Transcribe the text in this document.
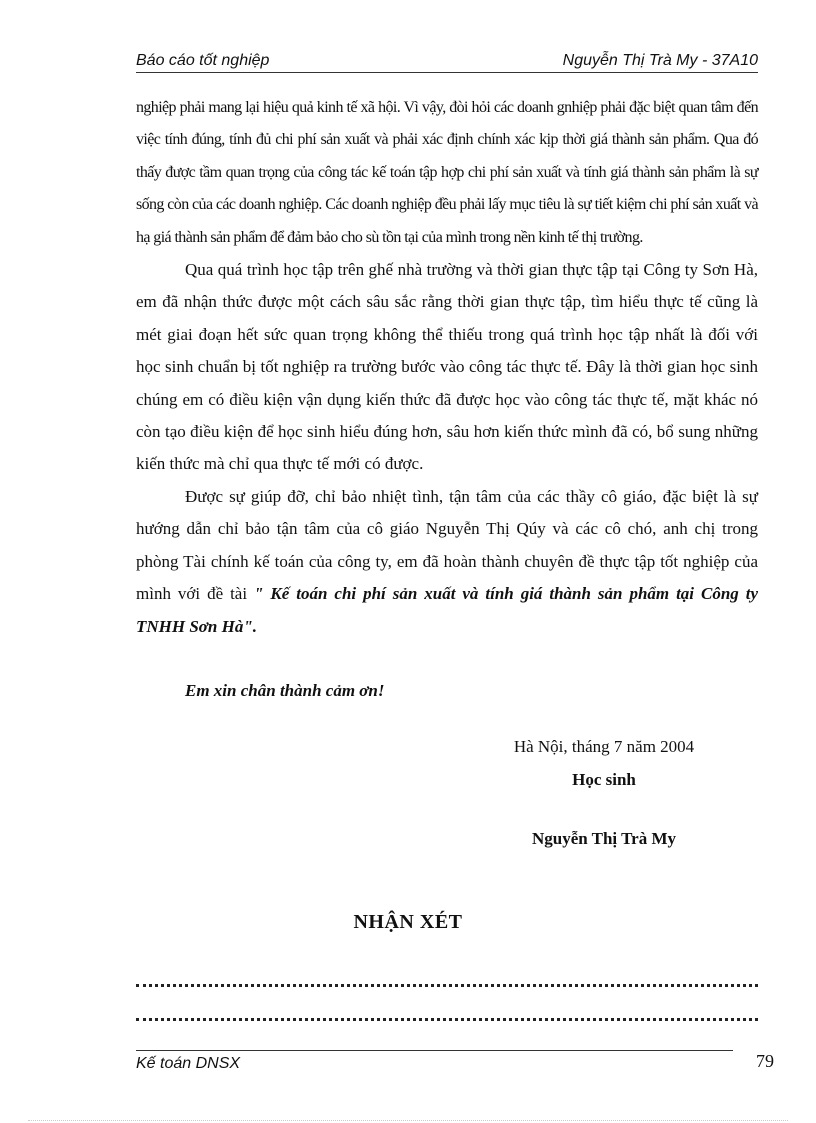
Báo cáo tốt nghiệp	Nguyễn Thị Trà My - 37A10

nghiệp phải mang lại hiệu quả kinh tế xã hội. Vì vậy, đòi hỏi các doanh gnhiệp phải đặc biệt quan tâm đến việc tính đúng, tính đủ chi phí sản xuất và phải xác định chính xác kịp thời giá thành sản phẩm. Qua đó thấy được tầm quan trọng của công tác kế toán tập hợp chi phí sản xuất và tính giá thành sản phẩm là sự sống còn của các doanh nghiệp. Các doanh nghiệp đều phải lấy mục tiêu là sự tiết kiệm chi phí sản xuất và hạ giá thành sản phẩm để đảm bảo cho sù tồn tại của mình trong nền kinh tế thị trường.

Qua quá trình học tập trên ghế nhà trường và thời gian thực tập tại Công ty Sơn Hà, em đã nhận thức được một cách sâu sắc rằng thời gian thực tập, tìm hiểu thực tế cũng là mét giai đoạn hết sức quan trọng không thể thiếu trong quá trình học tập nhất là đối với học sinh chuẩn bị tốt nghiệp ra trường bước vào công tác thực tế. Đây là thời gian học sinh chúng em có điều kiện vận dụng kiến thức đã được học vào công tác thực tế, mặt khác nó còn tạo điều kiện để học sinh hiểu đúng hơn, sâu hơn kiến thức mình đã có, bổ sung những kiến thức mà chỉ qua thực tế mới có được.

Được sự giúp đỡ, chỉ bảo nhiệt tình, tận tâm của các thầy cô giáo, đặc biệt là sự hướng dẫn chỉ bảo tận tâm của cô giáo Nguyễn Thị Qúy và các cô chó, anh chị trong phòng Tài chính kế toán của công ty, em đã hoàn thành chuyên đề thực tập tốt nghiệp của mình với đề tài " Kế toán chi phí sản xuất và tính giá thành sản phẩm tại Công ty TNHH Sơn Hà".

Em xin chân thành cảm ơn!
Hà Nội, tháng 7 năm 2004
Học sinh
Nguyễn Thị Trà My
NHẬN XÉT
Kế toán DNSX	79
